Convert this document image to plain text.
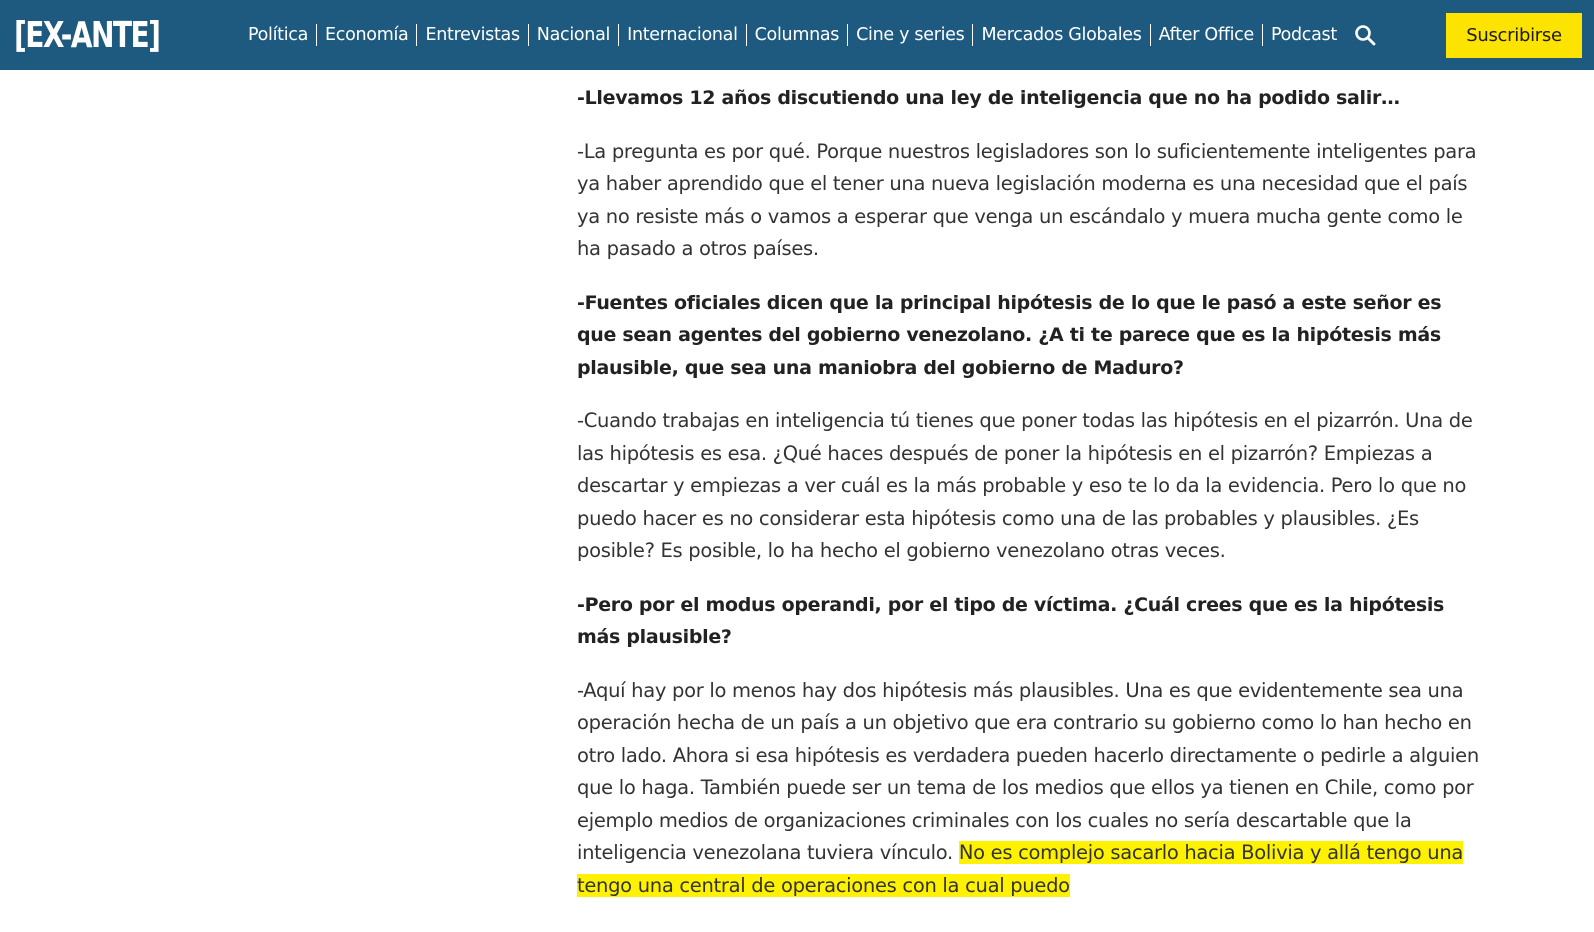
[EX-ANTE]	Política Economía Entrevistas Nacional Internacional Columnas Cine y series Mercados Globales After Office Podcast	Suscribirse

-Llevamos 12 años discutiendo una ley de inteligencia que no ha podido salir…

-La pregunta es por qué. Porque nuestros legisladores son lo suficientemente inteligentes para ya haber aprendido que el tener una nueva legislación moderna es una necesidad que el país ya no resiste más o vamos a esperar que venga un escándalo y muera mucha gente como le ha pasado a otros países.

-Fuentes oficiales dicen que la principal hipótesis de lo que le pasó a este señor es que sean agentes del gobierno venezolano. ¿A ti te parece que es la hipótesis más plausible, que sea una maniobra del gobierno de Maduro?

-Cuando trabajas en inteligencia tú tienes que poner todas las hipótesis en el pizarrón. Una de las hipótesis es esa. ¿Qué haces después de poner la hipótesis en el pizarrón? Empiezas a descartar y empiezas a ver cuál es la más probable y eso te lo da la evidencia. Pero lo que no puedo hacer es no considerar esta hipótesis como una de las probables y plausibles. ¿Es posible? Es posible, lo ha hecho el gobierno venezolano otras veces.

-Pero por el modus operandi, por el tipo de víctima. ¿Cuál crees que es la hipótesis más plausible?

-Aquí hay por lo menos hay dos hipótesis más plausibles. Una es que evidentemente sea una operación hecha de un país a un objetivo que era contrario su gobierno como lo han hecho en otro lado. Ahora si esa hipótesis es verdadera pueden hacerlo directamente o pedirle a alguien que lo haga. También puede ser un tema de los medios que ellos ya tienen en Chile, como por ejemplo medios de organizaciones criminales con los cuales no sería descartable que la inteligencia venezolana tuviera vínculo. No es complejo sacarlo hacia Bolivia y allá tengo una tengo una central de operaciones con la cual puedo
